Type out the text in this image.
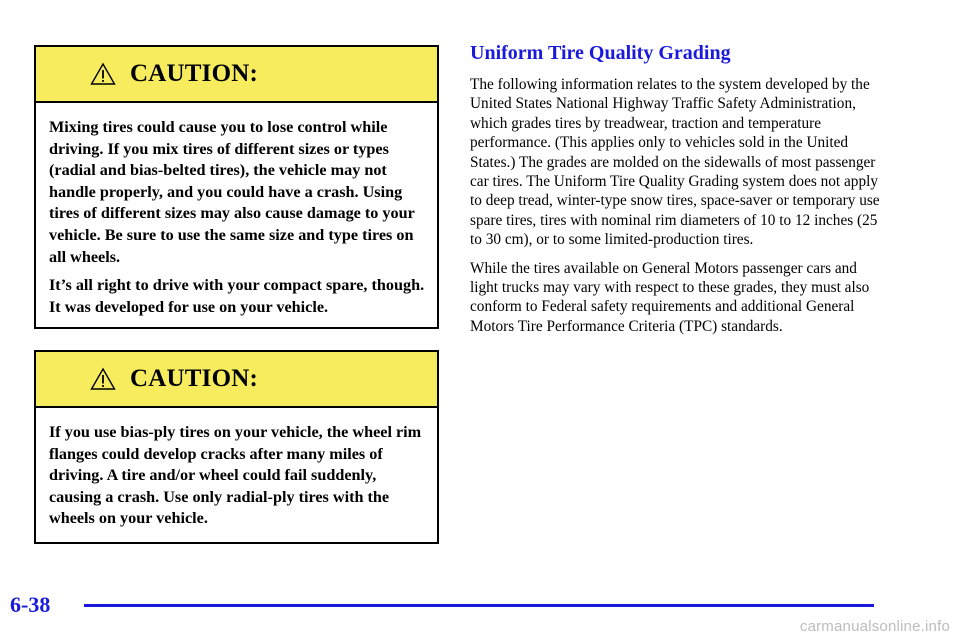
CAUTION:

Mixing tires could cause you to lose control while driving. If you mix tires of different sizes or types (radial and bias-belted tires), the vehicle may not handle properly, and you could have a crash. Using tires of different sizes may also cause damage to your vehicle. Be sure to use the same size and type tires on all wheels.

It’s all right to drive with your compact spare, though. It was developed for use on your vehicle.

CAUTION:

If you use bias-ply tires on your vehicle, the wheel rim flanges could develop cracks after many miles of driving. A tire and/or wheel could fail suddenly, causing a crash. Use only radial-ply tires with the wheels on your vehicle.

Uniform Tire Quality Grading

The following information relates to the system developed by the United States National Highway Traffic Safety Administration, which grades tires by treadwear, traction and temperature performance. (This applies only to vehicles sold in the United States.) The grades are molded on the sidewalls of most passenger car tires. The Uniform Tire Quality Grading system does not apply to deep tread, winter-type snow tires, space-saver or temporary use spare tires, tires with nominal rim diameters of 10 to 12 inches (25 to 30 cm), or to some limited-production tires.

While the tires available on General Motors passenger cars and light trucks may vary with respect to these grades, they must also conform to Federal safety requirements and additional General Motors Tire Performance Criteria (TPC) standards.

6-38
carmanualsonline.info
